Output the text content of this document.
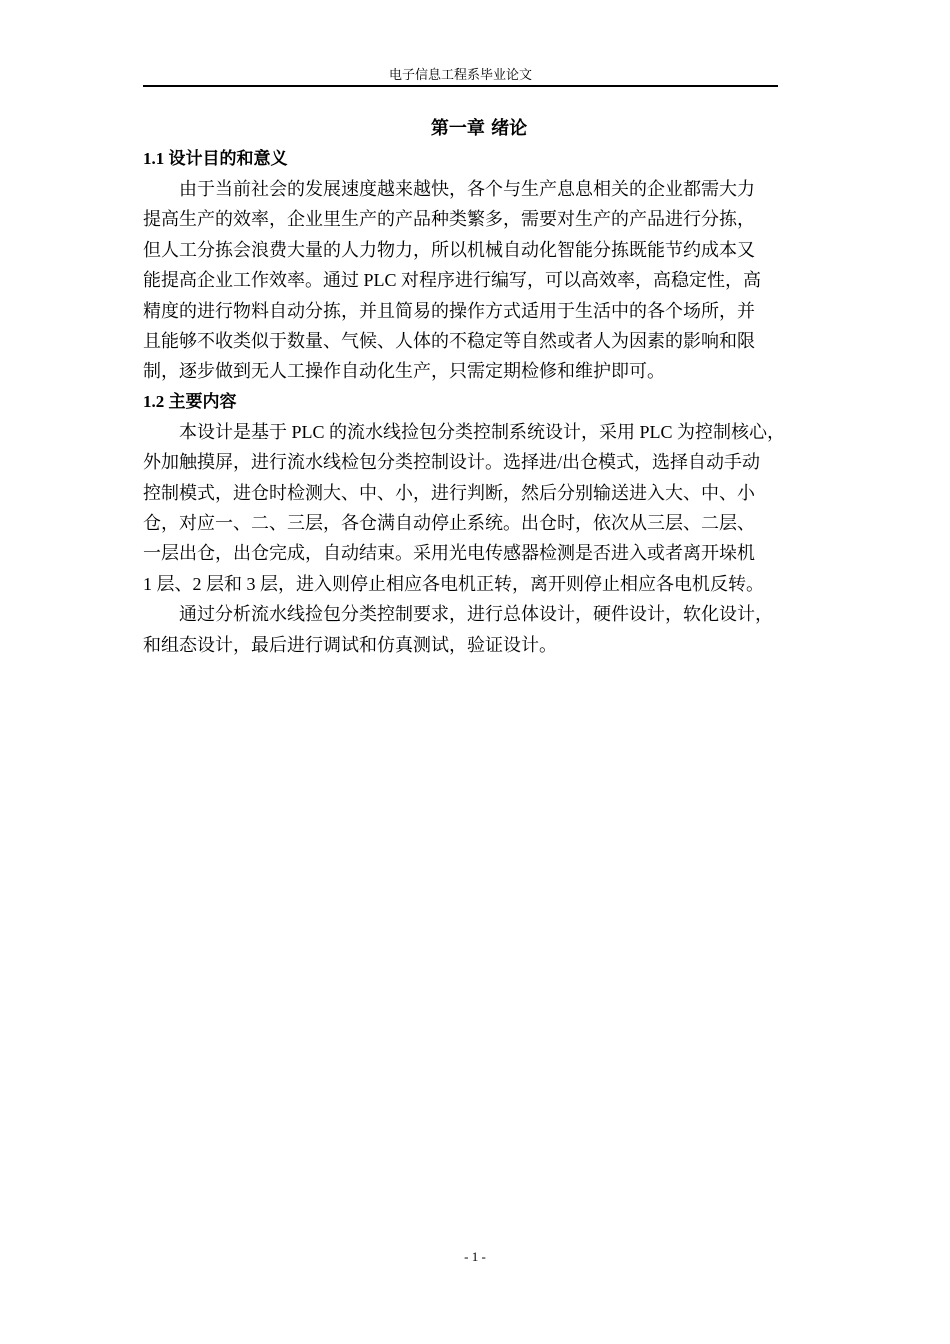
电子信息工程系毕业论文
第一章 绪论
1.1 设计目的和意义
由于当前社会的发展速度越来越快，各个与生产息息相关的企业都需大力
提高生产的效率，企业里生产的产品种类繁多，需要对生产的产品进行分拣，
但人工分拣会浪费大量的人力物力，所以机械自动化智能分拣既能节约成本又
能提高企业工作效率。通过 PLC 对程序进行编写，可以高效率，高稳定性，高
精度的进行物料自动分拣，并且简易的操作方式适用于生活中的各个场所，并
且能够不收类似于数量、气候、人体的不稳定等自然或者人为因素的影响和限
制，逐步做到无人工操作自动化生产，只需定期检修和维护即可。
1.2 主要内容
本设计是基于 PLC 的流水线捡包分类控制系统设计，采用 PLC 为控制核心，
外加触摸屏，进行流水线检包分类控制设计。选择进/出仓模式，选择自动手动
控制模式，进仓时检测大、中、小，进行判断，然后分别输送进入大、中、小
仓，对应一、二、三层，各仓满自动停止系统。出仓时，依次从三层、二层、
一层出仓，出仓完成，自动结束。采用光电传感器检测是否进入或者离开垛机
1 层、2 层和 3 层，进入则停止相应各电机正转，离开则停止相应各电机反转。
通过分析流水线捡包分类控制要求，进行总体设计，硬件设计，软化设计，
和组态设计，最后进行调试和仿真测试，验证设计。
- 1 -
